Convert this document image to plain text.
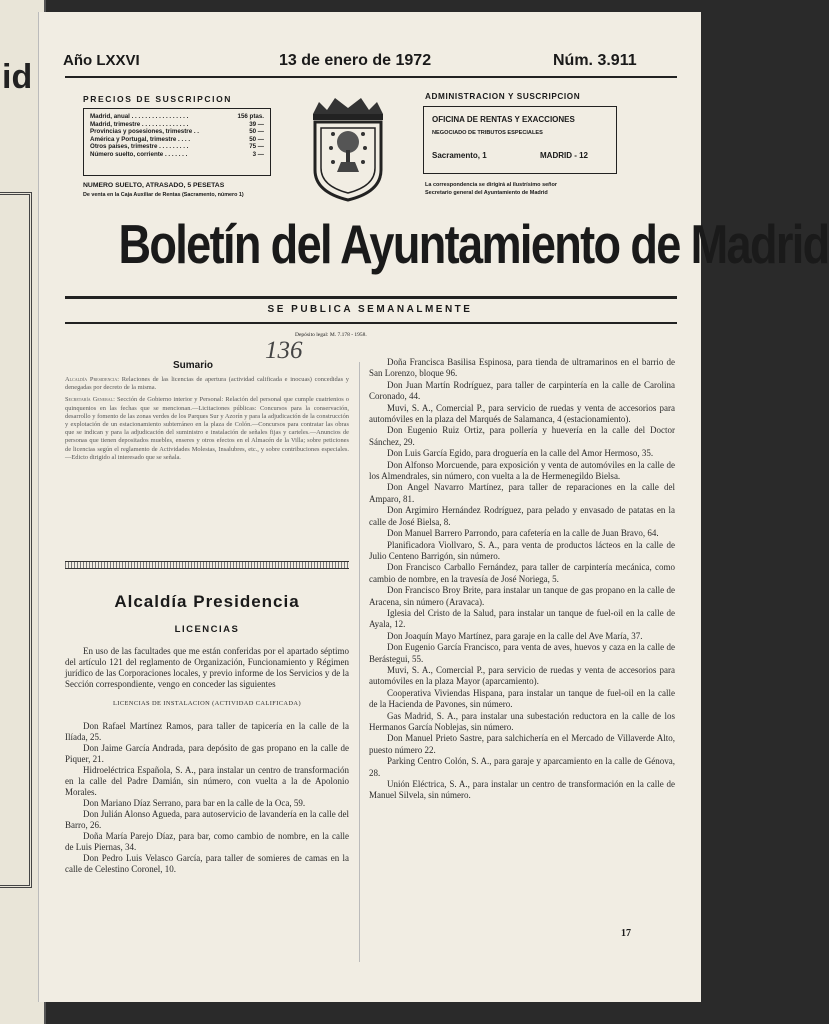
id Año LXXVI	13 de enero de 1972	Núm. 3.911
PRECIOS DE SUSCRIPCION
Madrid, anual . . . . . . . . . . . . . . . . .	156 ptas.
Madrid, trimestre . . . . . . . . . . . . . .	39 —
Provincias y posesiones, trimestre . .	50 —
América y Portugal, trimestre . . . .	50 —
Otros países, trimestre . . . . . . . . .	75 —
Número suelto, corriente . . . . . . .	3 —
NUMERO SUELTO, ATRASADO, 5 PESETAS
De venta en la Caja Auxiliar de Rentas (Sacramento, número 1)
ADMINISTRACION Y SUSCRIPCION
OFICINA DE RENTAS Y EXACCIONES
NEGOCIADO DE TRIBUTOS ESPECIALES
Sacramento, 1	MADRID - 12
La correspondencia se dirigirá al ilustrísimo señor
Secretario general del Ayuntamiento de Madrid
Boletín del Ayuntamiento de Madrid
SE PUBLICA SEMANALMENTE
Depósito legal: M. 7.178 - 1958.
136
Sumario

Alcaldía Presidencia: Relaciones de las licencias de apertura (actividad calificada e inocuas) concedidas y denegadas por decreto de la misma.

Secretaría General: Sección de Gobierno interior y Personal: Relación del personal que cumple cuatrienios o quinquenios en las fechas que se mencionan.—Licitaciones públicas: Concursos para la conservación, desarrollo y fomento de las zonas verdes de los Parques Sur y Azorín y para la adjudicación de la construcción y explotación de un estacionamiento subterráneo en la plaza de Colón.—Concursos para contratar las obras que se indican y para la adjudicación del suministro e instalación de señales fijas y carteles.—Anuncios de personas que tienen depositados muebles, enseres y otros efectos en el Almacén de la Villa; sobre peticiones de licencias según el reglamento de Actividades Molestas, Insalubres, etc., y sobre contribuciones especiales.—Edicto dirigido al interesado que se señala.

Alcaldía Presidencia
LICENCIAS

En uso de las facultades que me están conferidas por el apartado séptimo del artículo 121 del reglamento de Organización, Funcionamiento y Régimen jurídico de las Corporaciones locales, y previo informe de los Servicios y de la Sección correspondiente, vengo en conceder las siguientes

LICENCIAS DE INSTALACION (ACTIVIDAD CALIFICADA)

Don Rafael Martínez Ramos, para taller de tapicería en la calle de la Ilíada, 25.

Don Jaime García Andrada, para depósito de gas propano en la calle de Piquer, 21.

Hidroeléctrica Española, S. A., para instalar un centro de transformación en la calle del Padre Damián, sin número, con vuelta a la de Apolonio Morales.

Don Mariano Díaz Serrano, para bar en la calle de la Oca, 59.

Don Julián Alonso Agueda, para autoservicio de lavandería en la calle del Barro, 26.

Doña María Parejo Díaz, para bar, como cambio de nombre, en la calle de Luis Piernas, 34.

Don Pedro Luis Velasco García, para taller de somieres de camas en la calle de Celestino Coronel, 10.

Doña Francisca Basilisa Espinosa, para tienda de ultramarinos en el barrio de San Lorenzo, bloque 96.

Don Juan Martín Rodríguez, para taller de carpintería en la calle de Carolina Coronado, 44.

Muvi, S. A., Comercial P., para servicio de ruedas y venta de accesorios para automóviles en la plaza del Marqués de Salamanca, 4 (estacionamiento).

Don Eugenio Ruiz Ortiz, para pollería y huevería en la calle del Doctor Sánchez, 29.

Don Luis García Egido, para droguería en la calle del Amor Hermoso, 35.

Don Alfonso Morcuende, para exposición y venta de automóviles en la calle de los Almendrales, sin número, con vuelta a la de Hermenegildo Bielsa.

Don Angel Navarro Martínez, para taller de reparaciones en la calle del Amparo, 81.

Don Argimiro Hernández Rodríguez, para pelado y envasado de patatas en la calle de José Bielsa, 8.

Don Manuel Barrero Parrondo, para cafetería en la calle de Juan Bravo, 64.

Planificadora Viollvaro, S. A., para venta de productos lácteos en la calle de Julio Centeno Barrigón, sin número.

Don Francisco Carballo Fernández, para taller de carpintería mecánica, como cambio de nombre, en la travesía de José Noriega, 5.

Don Francisco Broy Brite, para instalar un tanque de gas propano en la calle de Aracena, sin número (Aravaca).

Iglesia del Cristo de la Salud, para instalar un tanque de fuel-oil en la calle de Ayala, 12.

Don Joaquín Mayo Martínez, para garaje en la calle del Ave María, 37.

Don Eugenio García Francisco, para venta de aves, huevos y caza en la calle de Berástegui, 55.

Muvi, S. A., Comercial P., para servicio de ruedas y venta de accesorios para automóviles en la plaza Mayor (aparcamiento).

Cooperativa Viviendas Hispana, para instalar un tanque de fuel-oil en la calle de la Hacienda de Pavones, sin número.

Gas Madrid, S. A., para instalar una subestación reductora en la calle de los Hermanos García Noblejas, sin número.

Don Manuel Prieto Sastre, para salchichería en el Mercado de Villaverde Alto, puesto número 22.

Parking Centro Colón, S. A., para garaje y aparcamiento en la calle de Génova, 28.

Unión Eléctrica, S. A., para instalar un centro de transformación en la calle de Manuel Silvela, sin número.

17
